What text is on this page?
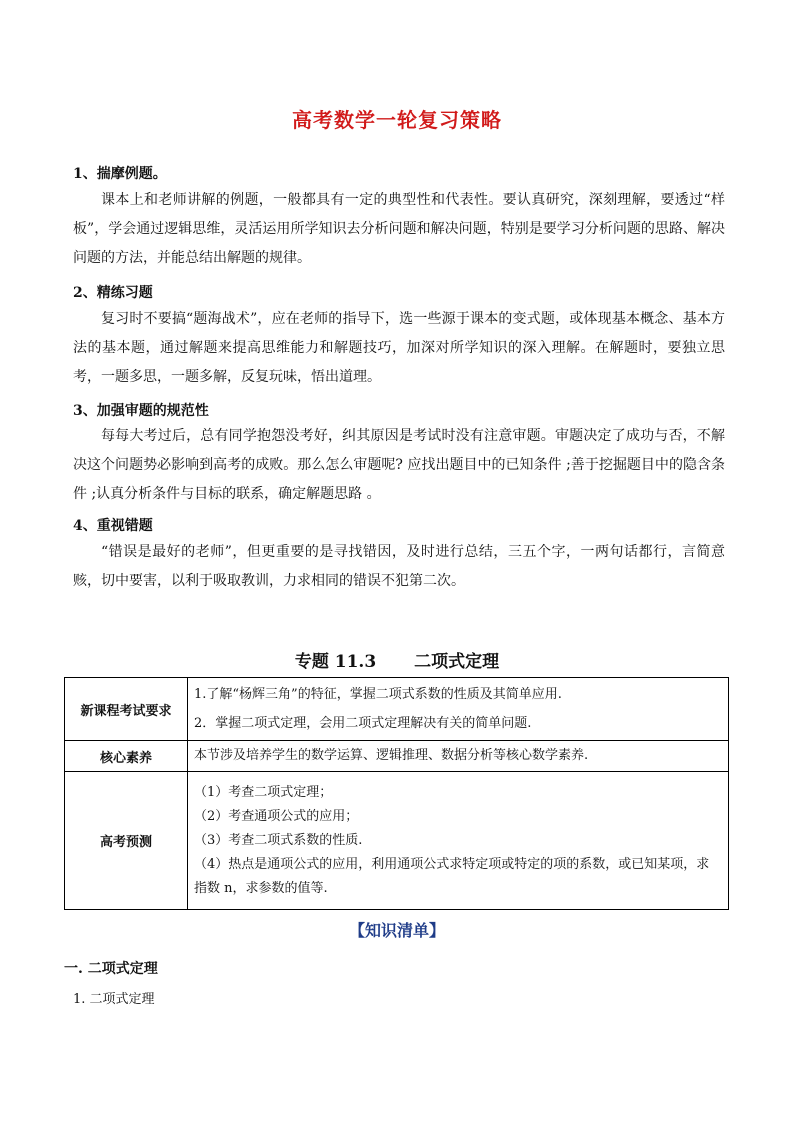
高考数学一轮复习策略
1、揣摩例题。
课本上和老师讲解的例题，一般都具有一定的典型性和代表性。要认真研究，深刻理解，要透过“样板”，学会通过逻辑思维，灵活运用所学知识去分析问题和解决问题，特别是要学习分析问题的思路、解决问题的方法，并能总结出解题的规律。
2、精练习题
复习时不要搞“题海战术”，应在老师的指导下，选一些源于课本的变式题，或体现基本概念、基本方法的基本题，通过解题来提高思维能力和解题技巧，加深对所学知识的深入理解。在解题时，要独立思考，一题多思，一题多解，反复玩味，悟出道理。
3、加强审题的规范性
每每大考过后，总有同学抱怨没考好，纠其原因是考试时没有注意审题。审题决定了成功与否，不解决这个问题势必影响到高考的成败。那么怎么审题呢? 应找出题目中的已知条件 ;善于挖掘题目中的隐含条件 ;认真分析条件与目标的联系，确定解题思路 。
4、重视错题
“错误是最好的老师”，但更重要的是寻找错因，及时进行总结，三五个字，一两句话都行，言简意赅，切中要害，以利于吸取教训，力求相同的错误不犯第二次。
专题 11.3 二项式定理
新课程考试要求	1.了解“杨辉三角”的特征，掌握二项式系数的性质及其简单应用.
2．掌握二项式定理，会用二项式定理解决有关的简单问题.

核心素养	本节涉及培养学生的数学运算、逻辑推理、数据分析等核心数学素养.

高考预测	（1）考查二项式定理；
（2）考查通项公式的应用；
（3）考查二项式系数的性质.
（4）热点是通项公式的应用，利用通项公式求特定项或特定的项的系数，或已知某项，求指数 n，求参数的值等.
【知识清单】
一. 二项式定理
1. 二项式定理
